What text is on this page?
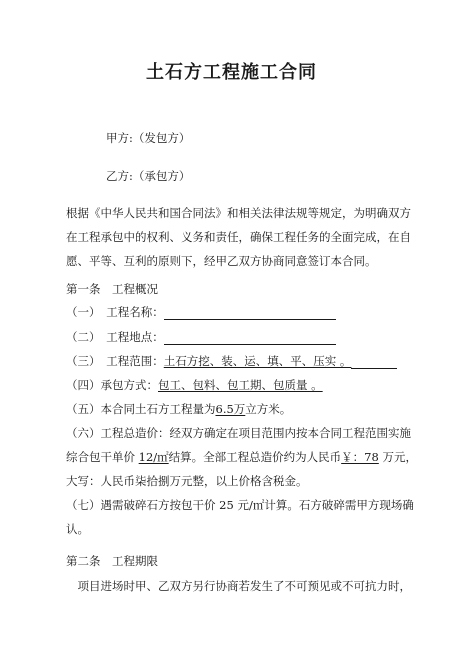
土石方工程施工合同
甲方:（发包方）
乙方:（承包方）
根据《中华人民共和国合同法》和相关法律法规等规定，为明确双方
在工程承包中的权利、义务和责任，确保工程任务的全面完成，在自
愿、平等、互利的原则下，经甲乙双方协商同意签订本合同。
第一条　工程概况
（一）　工程名称：
（二）　工程地点：
（三）　工程范围：土石方挖、装、运、填、平、压实 。
（四）承包方式：包工、包料、包工期、包质量 。
（五）本合同土石方工程量为6.5万立方米。
（六）工程总造价：经双方确定在项目范围内按本合同工程范围实施
综合包干单价 12/㎡结算。全部工程总造价约为人民币￥：78 万元，
大写：人民币柒拾捌万元整，以上价格含税金。
（七）遇需破碎石方按包干价 25 元/㎡计算。石方破碎需甲方现场确
认。
第二条　工程期限
　项目进场时甲、乙双方另行协商若发生了不可预见或不可抗力时，
